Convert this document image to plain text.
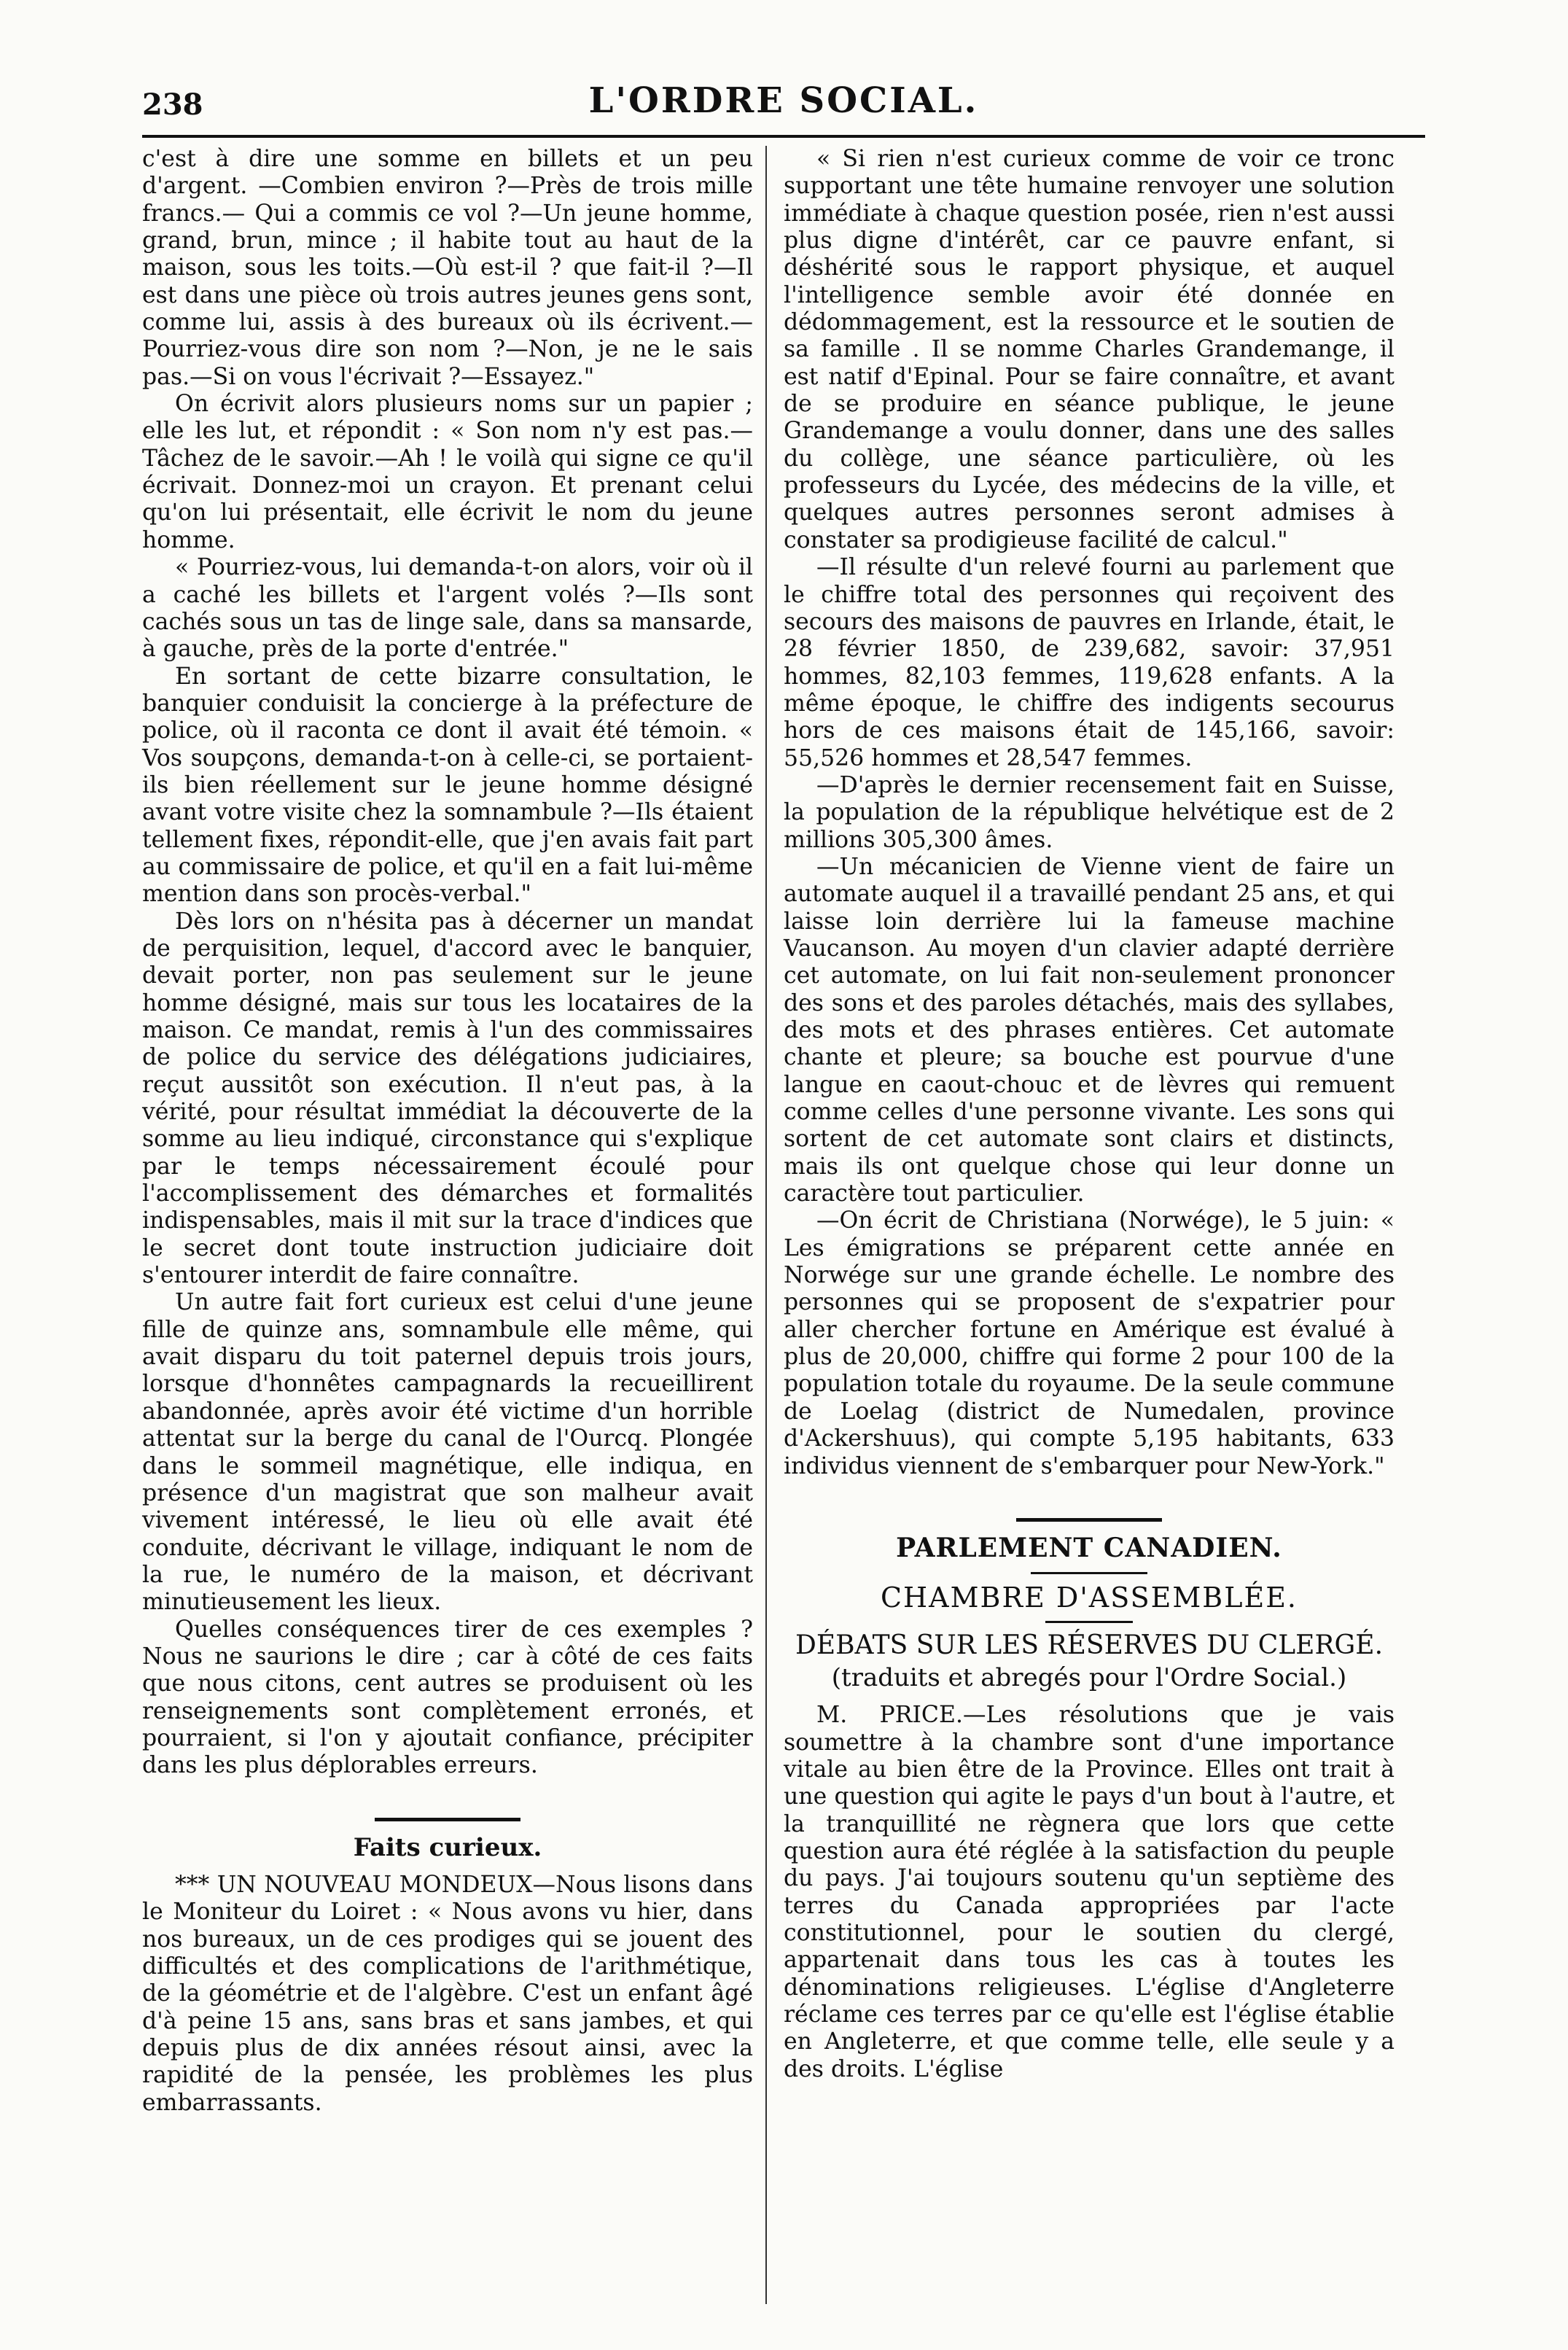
238	L'ORDRE SOCIAL.

c'est à dire une somme en billets et un peu d'argent. —Combien environ ?—Près de trois mille francs.— Qui a commis ce vol ?—Un jeune homme, grand, brun, mince ; il habite tout au haut de la maison, sous les toits.—Où est-il ? que fait-il ?—Il est dans une pièce où trois autres jeunes gens sont, comme lui, assis à des bureaux où ils écrivent.—Pourriez-vous dire son nom ?—Non, je ne le sais pas.—Si on vous l'écrivait ?—Essayez."

On écrivit alors plusieurs noms sur un papier ; elle les lut, et répondit : « Son nom n'y est pas.—Tâchez de le savoir.—Ah ! le voilà qui signe ce qu'il écrivait. Donnez-moi un crayon. Et prenant celui qu'on lui présentait, elle écrivit le nom du jeune homme.

« Pourriez-vous, lui demanda-t-on alors, voir où il a caché les billets et l'argent volés ?—Ils sont cachés sous un tas de linge sale, dans sa mansarde, à gauche, près de la porte d'entrée."

En sortant de cette bizarre consultation, le banquier conduisit la concierge à la préfecture de police, où il raconta ce dont il avait été témoin. « Vos soupçons, demanda-t-on à celle-ci, se portaient-ils bien réellement sur le jeune homme désigné avant votre visite chez la somnambule ?—Ils étaient tellement fixes, répondit-elle, que j'en avais fait part au commissaire de police, et qu'il en a fait lui-même mention dans son procès-verbal."

Dès lors on n'hésita pas à décerner un mandat de perquisition, lequel, d'accord avec le banquier, devait porter, non pas seulement sur le jeune homme désigné, mais sur tous les locataires de la maison. Ce mandat, remis à l'un des commissaires de police du service des délégations judiciaires, reçut aussitôt son exécution. Il n'eut pas, à la vérité, pour résultat immédiat la découverte de la somme au lieu indiqué, circonstance qui s'explique par le temps nécessairement écoulé pour l'accomplissement des démarches et formalités indispensables, mais il mit sur la trace d'indices que le secret dont toute instruction judiciaire doit s'entourer interdit de faire connaître.

Un autre fait fort curieux est celui d'une jeune fille de quinze ans, somnambule elle même, qui avait disparu du toit paternel depuis trois jours, lorsque d'honnêtes campagnards la recueillirent abandonnée, après avoir été victime d'un horrible attentat sur la berge du canal de l'Ourcq. Plongée dans le sommeil magnétique, elle indiqua, en présence d'un magistrat que son malheur avait vivement intéressé, le lieu où elle avait été conduite, décrivant le village, indiquant le nom de la rue, le numéro de la maison, et décrivant minutieusement les lieux.

Quelles conséquences tirer de ces exemples ? Nous ne saurions le dire ; car à côté de ces faits que nous citons, cent autres se produisent où les renseignements sont complètement erronés, et pourraient, si l'on y ajoutait confiance, précipiter dans les plus déplorables erreurs.

Faits curieux.

*** UN NOUVEAU MONDEUX—Nous lisons dans le Moniteur du Loiret : « Nous avons vu hier, dans nos bureaux, un de ces prodiges qui se jouent des difficultés et des complications de l'arithmétique, de la géométrie et de l'algèbre. C'est un enfant âgé d'à peine 15 ans, sans bras et sans jambes, et qui depuis plus de dix années résout ainsi, avec la rapidité de la pensée, les problèmes les plus embarrassants.

« Si rien n'est curieux comme de voir ce tronc supportant une tête humaine renvoyer une solution immédiate à chaque question posée, rien n'est aussi plus digne d'intérêt, car ce pauvre enfant, si déshérité sous le rapport physique, et auquel l'intelligence semble avoir été donnée en dédommagement, est la ressource et le soutien de sa famille . Il se nomme Charles Grandemange, il est natif d'Epinal. Pour se faire connaître, et avant de se produire en séance publique, le jeune Grandemange a voulu donner, dans une des salles du collège, une séance particulière, où les professeurs du Lycée, des médecins de la ville, et quelques autres personnes seront admises à constater sa prodigieuse facilité de calcul."

—Il résulte d'un relevé fourni au parlement que le chiffre total des personnes qui reçoivent des secours des maisons de pauvres en Irlande, était, le 28 février 1850, de 239,682, savoir: 37,951 hommes, 82,103 femmes, 119,628 enfants. A la même époque, le chiffre des indigents secourus hors de ces maisons était de 145,166, savoir: 55,526 hommes et 28,547 femmes.

—D'après le dernier recensement fait en Suisse, la population de la république helvétique est de 2 millions 305,300 âmes.

—Un mécanicien de Vienne vient de faire un automate auquel il a travaillé pendant 25 ans, et qui laisse loin derrière lui la fameuse machine Vaucanson. Au moyen d'un clavier adapté derrière cet automate, on lui fait non-seulement prononcer des sons et des paroles détachés, mais des syllabes, des mots et des phrases entières. Cet automate chante et pleure; sa bouche est pourvue d'une langue en caout-chouc et de lèvres qui remuent comme celles d'une personne vivante. Les sons qui sortent de cet automate sont clairs et distincts, mais ils ont quelque chose qui leur donne un caractère tout particulier.

—On écrit de Christiana (Norwége), le 5 juin: « Les émigrations se préparent cette année en Norwége sur une grande échelle. Le nombre des personnes qui se proposent de s'expatrier pour aller chercher fortune en Amérique est évalué à plus de 20,000, chiffre qui forme 2 pour 100 de la population totale du royaume. De la seule commune de Loelag (district de Numedalen, province d'Ackershuus), qui compte 5,195 habitants, 633 individus viennent de s'embarquer pour New-York."

PARLEMENT CANADIEN.
CHAMBRE D'ASSEMBLÉE.
DÉBATS SUR LES RÉSERVES DU CLERGÉ.
(traduits et abregés pour l'Ordre Social.)

M. PRICE.—Les résolutions que je vais soumettre à la chambre sont d'une importance vitale au bien être de la Province. Elles ont trait à une question qui agite le pays d'un bout à l'autre, et la tranquillité ne règnera que lors que cette question aura été réglée à la satisfaction du peuple du pays. J'ai toujours soutenu qu'un septième des terres du Canada appropriées par l'acte constitutionnel, pour le soutien du clergé, appartenait dans tous les cas à toutes les dénominations religieuses. L'église d'Angleterre réclame ces terres par ce qu'elle est l'église établie en Angleterre, et que comme telle, elle seule y a des droits. L'église
